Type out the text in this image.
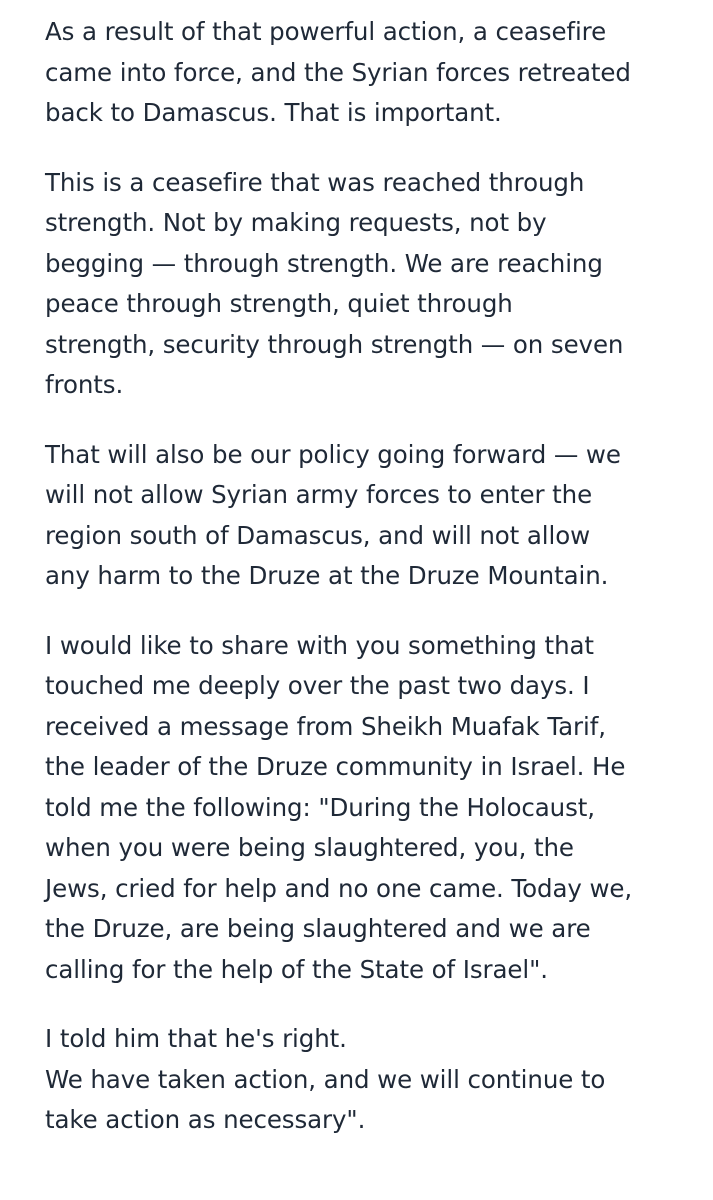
As a result of that powerful action, a ceasefire
came into force, and the Syrian forces retreated
back to Damascus. That is important.

This is a ceasefire that was reached through
strength. Not by making requests, not by
begging — through strength. We are reaching
peace through strength, quiet through
strength, security through strength — on seven
fronts.

That will also be our policy going forward — we
will not allow Syrian army forces to enter the
region south of Damascus, and will not allow
any harm to the Druze at the Druze Mountain.

I would like to share with you something that
touched me deeply over the past two days. I
received a message from Sheikh Muafak Tarif,
the leader of the Druze community in Israel. He
told me the following: "During the Holocaust,
when you were being slaughtered, you, the
Jews, cried for help and no one came. Today we,
the Druze, are being slaughtered and we are
calling for the help of the State of Israel".

I told him that he's right.
We have taken action, and we will continue to
take action as necessary".
